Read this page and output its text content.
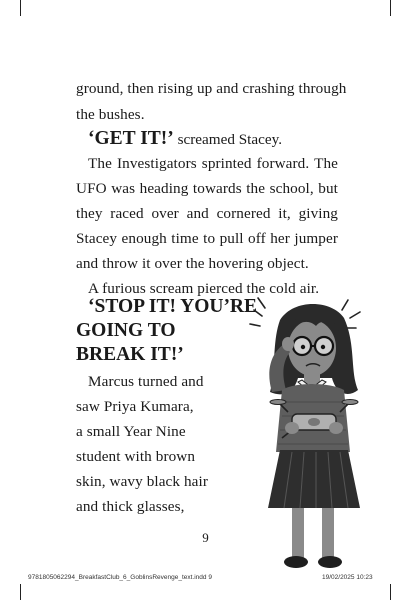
ground, then rising up and crashing through
the bushes.
‘GET IT!’ screamed Stacey.
The Investigators sprinted forward. The
UFO was heading towards the school, but
they raced over and cornered it, giving
Stacey enough time to pull off her jumper
and throw it over the hovering object.
A furious scream pierced the cold air.
‘STOP IT! YOU’RE
GOING TO
BREAK IT!’
Marcus turned and
saw Priya Kumara,
a small Year Nine
student with brown
skin, wavy black hair
and thick glasses,
9
9781805062294_BreakfastClub_6_GoblinsRevenge_text.indd 9	19/02/2025 10:23
